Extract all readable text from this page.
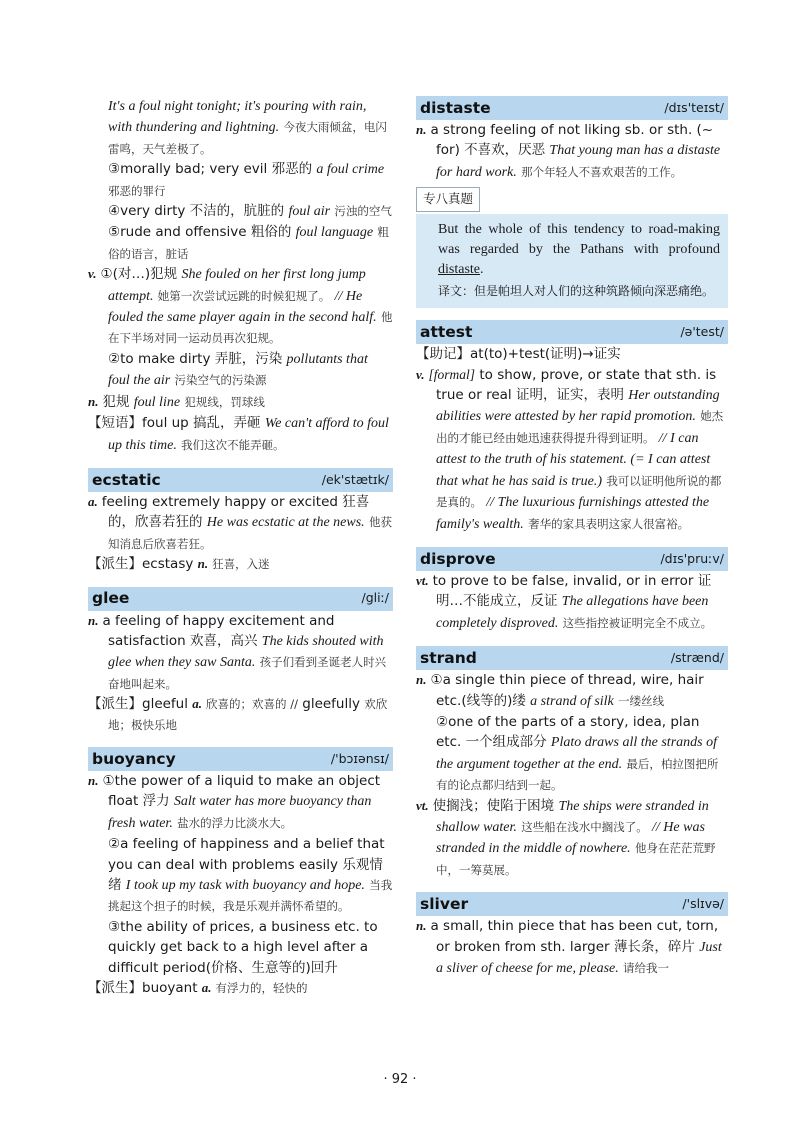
It's a foul night tonight; it's pouring with rain, with thundering and lightning. 今夜大雨倾盆，电闪雷鸣，天气差极了。

③morally bad; very evil 邪恶的 a foul crime 邪恶的罪行

④very dirty 不洁的，肮脏的 foul air 污浊的空气

⑤rude and offensive 粗俗的 foul language 粗俗的语言，脏话

v. ①(对…)犯规 She fouled on her first long jump attempt. 她第一次尝试远跳的时候犯规了。 // He fouled the same player again in the second half. 他在下半场对同一运动员再次犯规。

②to make dirty 弄脏，污染 pollutants that foul the air 污染空气的污染源

n. 犯规 foul line 犯规线，罚球线

【短语】foul up 搞乱，弄砸 We can't afford to foul up this time. 我们这次不能弄砸。

ecstatic	/ek'stætɪk/

a. feeling extremely happy or excited 狂喜的，欣喜若狂的 He was ecstatic at the news. 他获知消息后欣喜若狂。

【派生】ecstasy n. 狂喜，入迷

glee	/gliː/

n. a feeling of happy excitement and satisfaction 欢喜，高兴 The kids shouted with glee when they saw Santa. 孩子们看到圣诞老人时兴奋地叫起来。

【派生】gleeful a. 欣喜的；欢喜的 // gleefully 欢欣地；极快乐地

buoyancy	/'bɔɪənsɪ/

n. ①the power of a liquid to make an object float 浮力 Salt water has more buoyancy than fresh water. 盐水的浮力比淡水大。

②a feeling of happiness and a belief that you can deal with problems easily 乐观情绪 I took up my task with buoyancy and hope. 当我挑起这个担子的时候，我是乐观并满怀希望的。

③the ability of prices, a business etc. to quickly get back to a high level after a difficult period(价格、生意等的)回升

【派生】buoyant a. 有浮力的，轻快的

distaste	/dɪs'teɪst/

n. a strong feeling of not liking sb. or sth. (~ for) 不喜欢，厌恶 That young man has a distaste for hard work. 那个年轻人不喜欢艰苦的工作。

专八真题
But the whole of this tendency to road-making was regarded by the Pathans with profound distaste.
译文：但是帕坦人对人们的这种筑路倾向深恶痛绝。
attest	/ə'test/

【助记】at(to)+test(证明)→证实

v. [formal] to show, prove, or state that sth. is true or real 证明，证实，表明 Her outstanding abilities were attested by her rapid promotion. 她杰出的才能已经由她迅速获得提升得到证明。 // I can attest to the truth of his statement. (= I can attest that what he has said is true.) 我可以证明他所说的都是真的。 // The luxurious furnishings attested the family's wealth. 奢华的家具表明这家人很富裕。

disprove	/dɪs'pruːv/

vt. to prove to be false, invalid, or in error 证明…不能成立，反证 The allegations have been completely disproved. 这些指控被证明完全不成立。

strand	/strænd/

n. ①a single thin piece of thread, wire, hair etc.(线等的)缕 a strand of silk 一缕丝线

②one of the parts of a story, idea, plan etc. 一个组成部分 Plato draws all the strands of the argument together at the end. 最后，柏拉图把所有的论点都归结到一起。

vt. 使搁浅；使陷于困境 The ships were stranded in shallow water. 这些船在浅水中搁浅了。 // He was stranded in the middle of nowhere. 他身在茫茫荒野中，一筹莫展。

sliver	/'slɪvə/

n. a small, thin piece that has been cut, torn, or broken from sth. larger 薄长条，碎片 Just a sliver of cheese for me, please. 请给我一

· 92 ·
